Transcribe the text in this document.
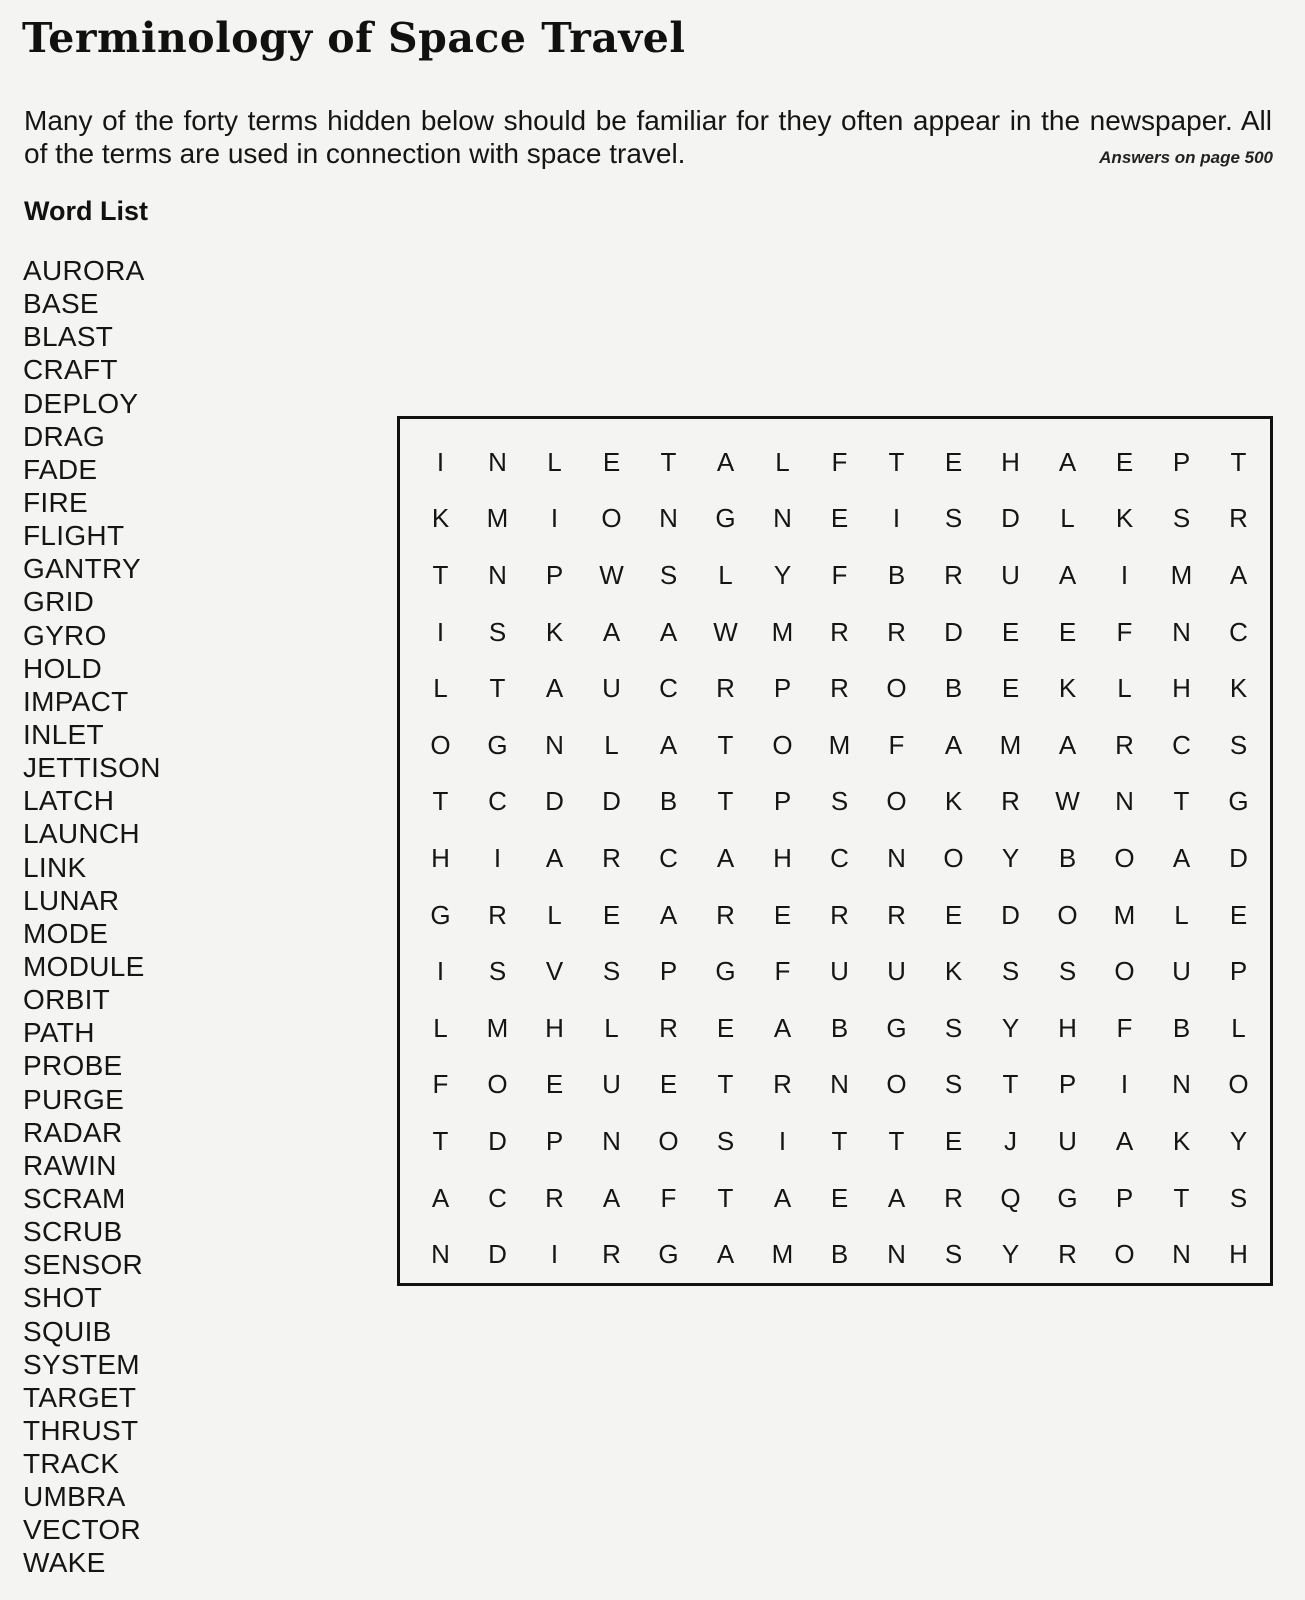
Terminology of Space Travel
Many of the forty terms hidden below should be familiar for they often appear in the newspaper. All of the terms are used in connection with space travel.	Answers on page 500
Word List
AURORA
BASE
BLAST
CRAFT
DEPLOY
DRAG
FADE
FIRE
FLIGHT
GANTRY
GRID
GYRO
HOLD
IMPACT
INLET
JETTISON
LATCH
LAUNCH
LINK
LUNAR
MODE
MODULE
ORBIT
PATH
PROBE
PURGE
RADAR
RAWIN
SCRAM
SCRUB
SENSOR
SHOT
SQUIB
SYSTEM
TARGET
THRUST
TRACK
UMBRA
VECTOR
WAKE
I	N	L	E	T	A	L	F	T	E	H	A	E	P	T
K	M	I	O	N	G	N	E	I	S	D	L	K	S	R
T	N	P	W	S	L	Y	F	B	R	U	A	I	M	A
I	S	K	A	A	W	M	R	R	D	E	E	F	N	C
L	T	A	U	C	R	P	R	O	B	E	K	L	H	K
O	G	N	L	A	T	O	M	F	A	M	A	R	C	S
T	C	D	D	B	T	P	S	O	K	R	W	N	T	G
H	I	A	R	C	A	H	C	N	O	Y	B	O	A	D
G	R	L	E	A	R	E	R	R	E	D	O	M	L	E
I	S	V	S	P	G	F	U	U	K	S	S	O	U	P
L	M	H	L	R	E	A	B	G	S	Y	H	F	B	L
F	O	E	U	E	T	R	N	O	S	T	P	I	N	O
T	D	P	N	O	S	I	T	T	E	J	U	A	K	Y
A	C	R	A	F	T	A	E	A	R	Q	G	P	T	S
N	D	I	R	G	A	M	B	N	S	Y	R	O	N	H
